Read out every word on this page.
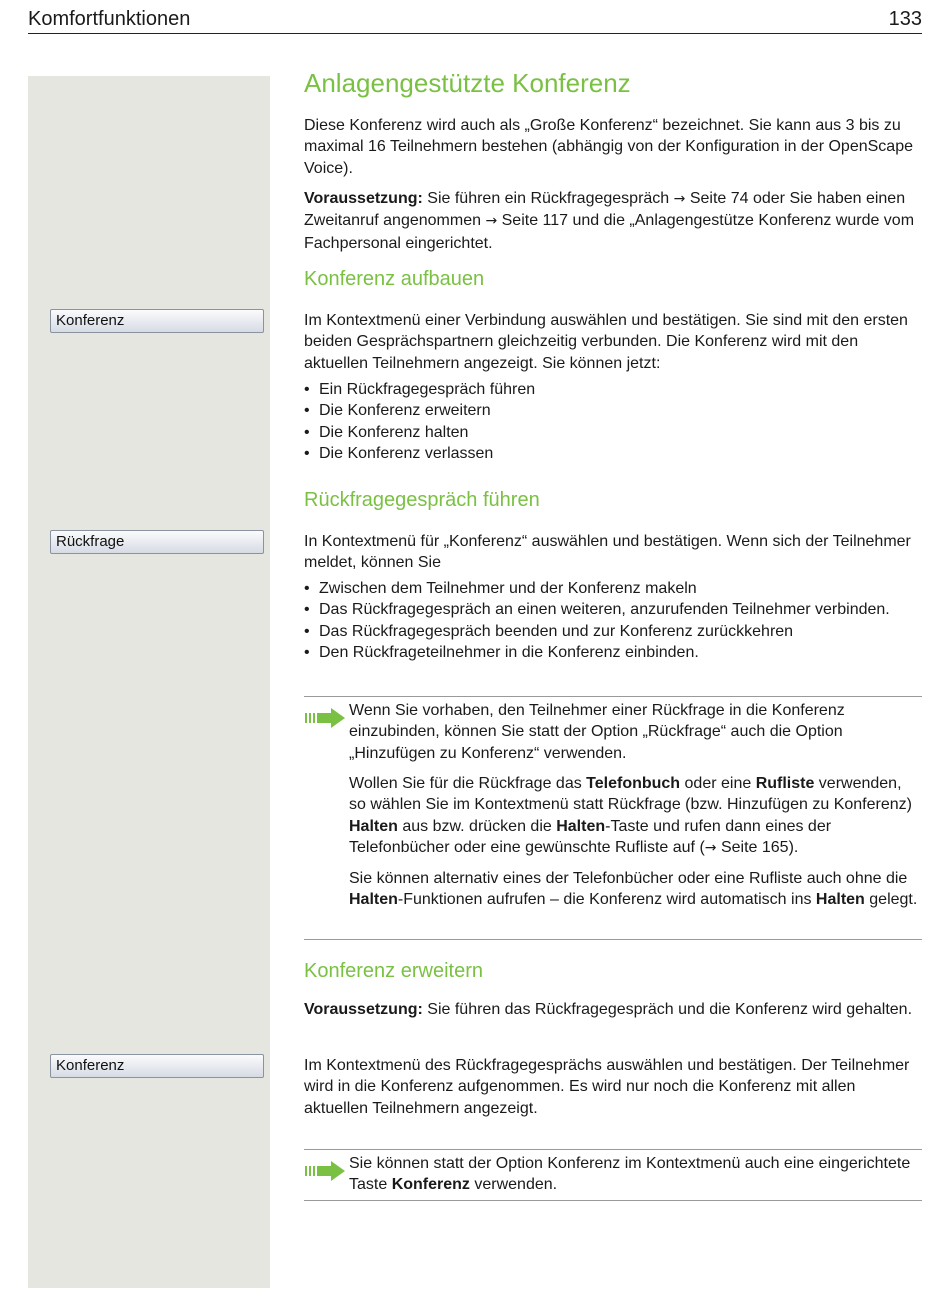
Komfortfunktionen	133
Konferenz
Rückfrage
Konferenz
Anlagengestützte Konferenz

Diese Konferenz wird auch als „Große Konferenz“ bezeichnet. Sie kann aus 3 bis zu maximal 16 Teilnehmern bestehen (abhängig von der Konfiguration in der OpenScape Voice).

Voraussetzung: Sie führen ein Rückfragegespräch → Seite 74 oder Sie haben einen Zweitanruf angenommen → Seite 117 und die „Anlagengestütze Konferenz wurde vom Fachpersonal eingerichtet.

Konferenz aufbauen

Im Kontextmenü einer Verbindung auswählen und bestätigen. Sie sind mit den ersten beiden Gesprächspartnern gleichzeitig verbunden. Die Konferenz wird mit den aktuellen Teilnehmern angezeigt. Sie können jetzt:

• Ein Rückfragegespräch führen
• Die Konferenz erweitern
• Die Konferenz halten
• Die Konferenz verlassen
Rückfragegespräch führen

In Kontextmenü für „Konferenz“ auswählen und bestätigen. Wenn sich der Teilnehmer meldet, können Sie

• Zwischen dem Teilnehmer und der Konferenz makeln
• Das Rückfragegespräch an einen weiteren, anzurufenden Teilnehmer verbinden.
• Das Rückfragegespräch beenden und zur Konferenz zurückkehren
• Den Rückfrageteilnehmer in die Konferenz einbinden.

Wenn Sie vorhaben, den Teilnehmer einer Rückfrage in die Konferenz einzubinden, können Sie statt der Option „Rückfrage“ auch die Option „Hinzufügen zu Konferenz“ verwenden.

Wollen Sie für die Rückfrage das Telefonbuch oder eine Rufliste verwenden, so wählen Sie im Kontextmenü statt Rückfrage (bzw. Hinzufügen zu Konferenz) Halten aus bzw. drücken die Halten-Taste und rufen dann eines der Telefonbücher oder eine gewünschte Rufliste auf (→ Seite 165).

Sie können alternativ eines der Telefonbücher oder eine Rufliste auch ohne die Halten-Funktionen aufrufen – die Konferenz wird automatisch ins Halten gelegt.

Konferenz erweitern

Voraussetzung: Sie führen das Rückfragegespräch und die Konferenz wird gehalten.

Im Kontextmenü des Rückfragegesprächs auswählen und bestätigen. Der Teilnehmer wird in die Konferenz aufgenommen. Es wird nur noch die Konferenz mit allen aktuellen Teilnehmern angezeigt.

Sie können statt der Option Konferenz im Kontextmenü auch eine eingerichtete Taste Konferenz verwenden.
